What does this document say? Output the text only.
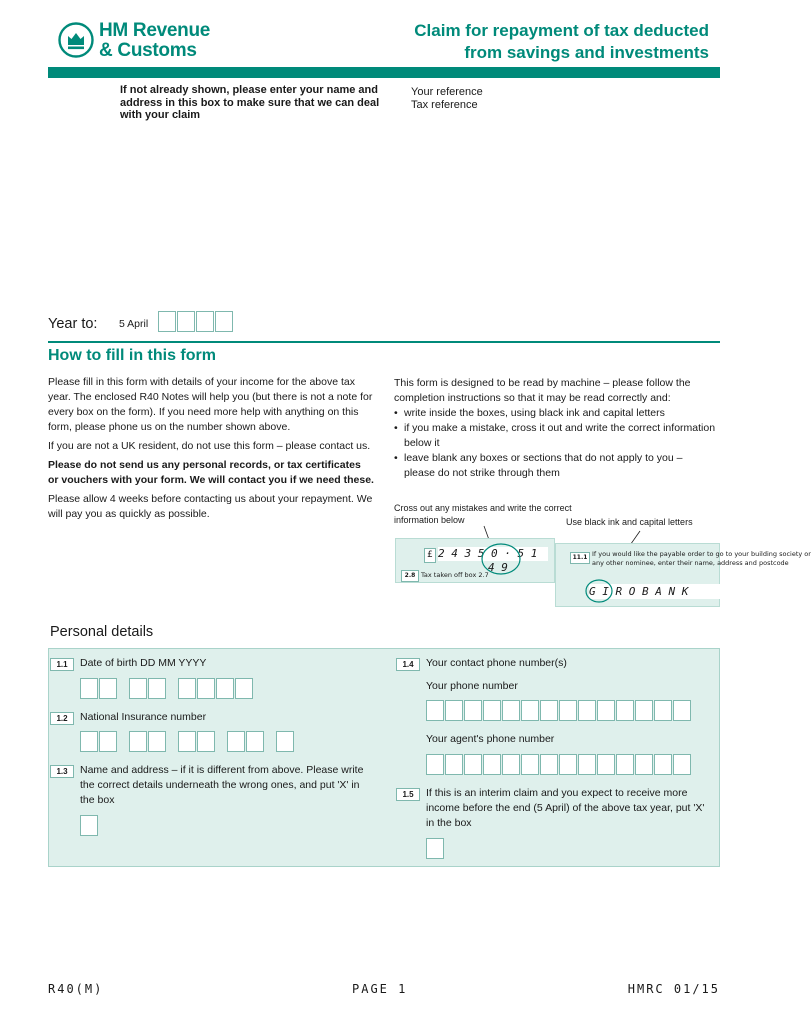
HM Revenue
& Customs
Claim for repayment of tax deducted
from savings and investments
If not already shown, please enter your name and address in this box to make sure that we can deal with your claim
Your reference
Tax reference
Year to: 5 April
How to fill in this form

Please fill in this form with details of your income for the above tax year. The enclosed R40 Notes will help you (but there is not a note for every box on the form). If you need more help with anything on this form, please phone us on the number shown above.

If you are not a UK resident, do not use this form – please contact us.

Please do not send us any personal records, or tax certificates or vouchers with your form. We will contact you if we need these.

Please allow 4 weeks before contacting us about your repayment. We will pay you as quickly as possible.

This form is designed to be read by machine – please follow the completion instructions so that it may be read correctly and:

• write inside the boxes, using black ink and capital letters
• if you make a mistake, cross it out and write the correct information below it
• leave blank any boxes or sections that do not apply to you – please do not strike through them
Cross out any mistakes and write the correct information below	Use black ink and capital letters
£ 2 4 3 5 0 · 5 1
4 9
2.8 Tax taken off box 2.7
11.1 If you would like the payable order to go to your building society or any other nominee, enter their name, address and postcode
G I R O B A N K
Personal details
1.1	Date of birth DD MM YYYY
1.2	National Insurance number
1.3	Name and address – if it is different from above. Please write the correct details underneath the wrong ones, and put 'X' in the box
1.4	Your contact phone number(s)
Your phone number
Your agent's phone number
1.5	If this is an interim claim and you expect to receive more income before the end (5 April) of the above tax year, put 'X' in the box
R40(M)	PAGE 1	HMRC 01/15
